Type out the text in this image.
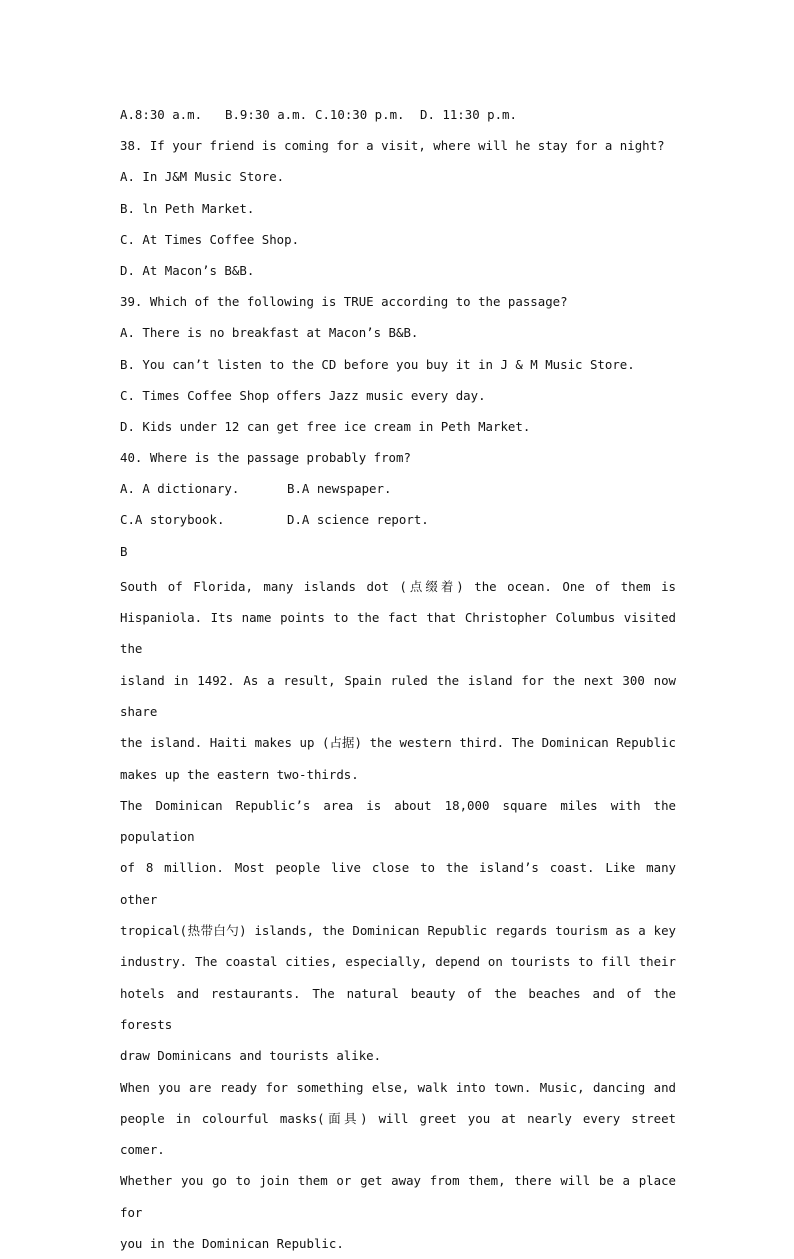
A.8:30 a.m.	B.9:30 a.m. C.10:30 p.m.	D. 11:30 p.m.
38. If your friend is coming for a visit, where will he stay for a night?
A. In J&M Music Store.
B. ln Peth Market.
C. At Times Coffee Shop.
D. At Macon’s B&B.
39. Which of the following is TRUE according to the passage?
A. There is no breakfast at Macon’s B&B.
B. You can’t listen to the CD before you buy it in J & M Music Store.
C. Times Coffee Shop offers Jazz music every day.
D. Kids under 12 can get free ice cream in Peth Market.
40. Where is the passage probably from?
A. A dictionary.	B.A newspaper.
C.A storybook.	D.A science report.
B
South of Florida, many islands dot (点缀着) the ocean. One of them is
Hispaniola. Its name points to the fact that Christopher Columbus visited the
island in 1492. As a result, Spain ruled the island for the next 300 now share
the island. Haiti makes up (占据) the western third. The Dominican Republic
makes up the eastern two-thirds.
The Dominican Republic’s area is about 18,000 square miles with the population
of 8 million. Most people live close to the island’s coast. Like many other
tropical(热带白勺) islands, the Dominican Republic regards tourism as a key
industry. The coastal cities, especially, depend on tourists to fill their
hotels and restaurants. The natural beauty of the beaches and of the forests
draw Dominicans and tourists alike.
When you are ready for something else, walk into town. Music, dancing and
people in colourful masks(面具) will greet you at nearly every street comer.
Whether you go to join them or get away from them, there will be a place for
you in the Dominican Republic.
